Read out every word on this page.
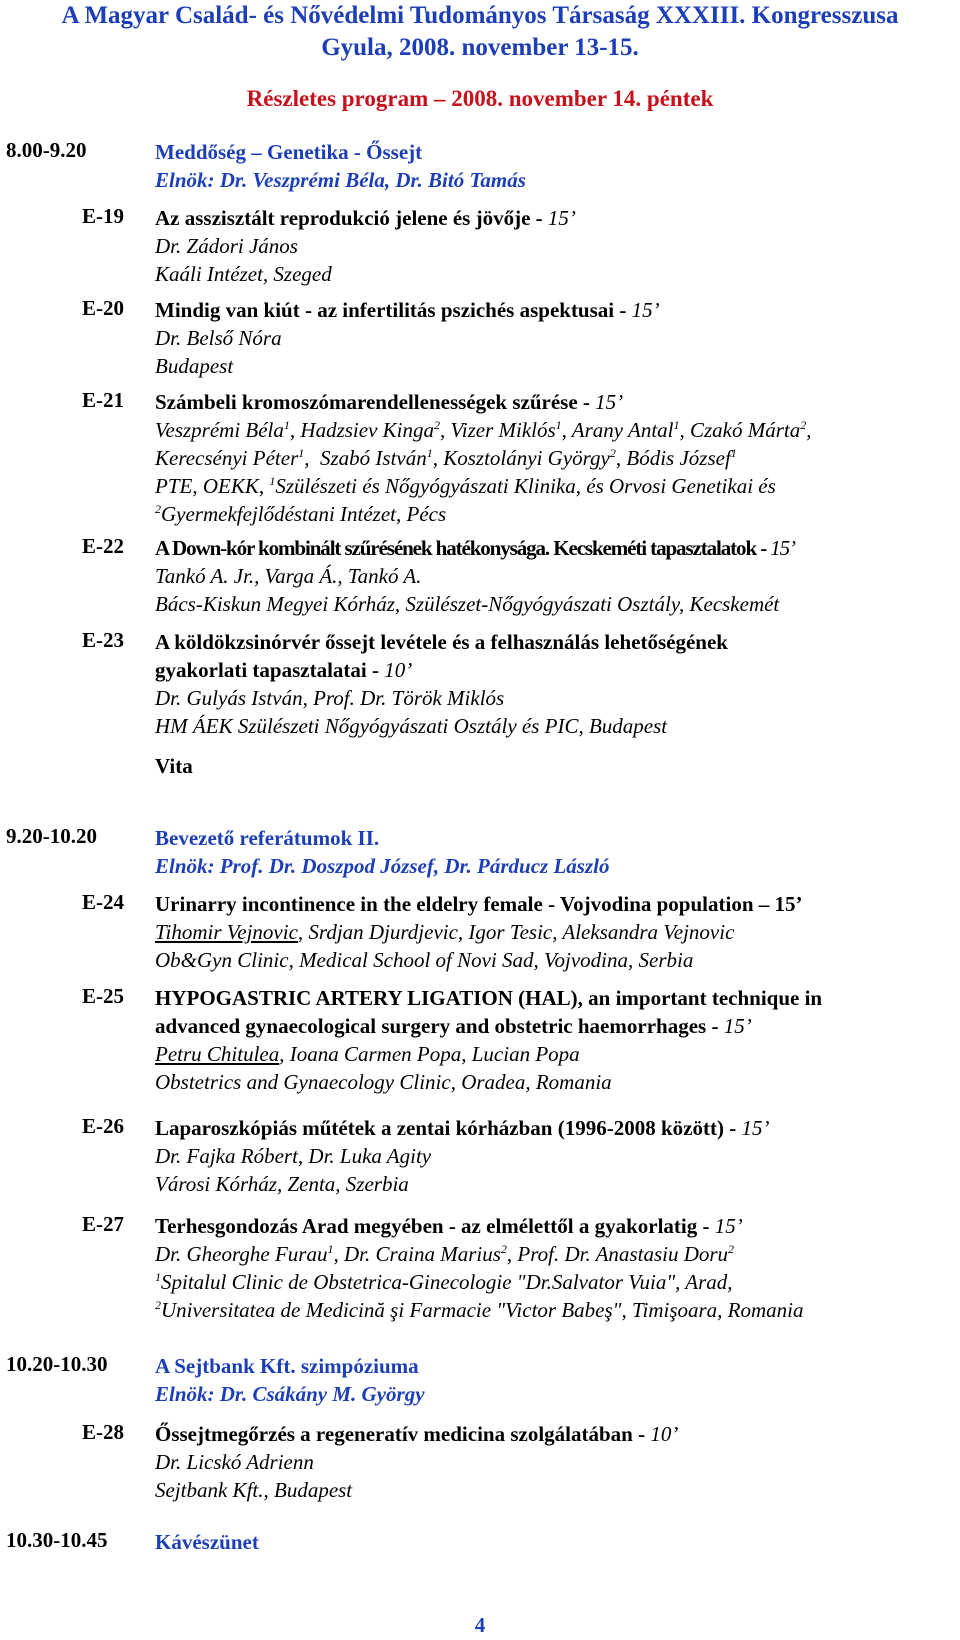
A Magyar Család- és Nővédelmi Tudományos Társaság XXXIII. Kongresszusa
Gyula, 2008. november 13-15.
Részletes program – 2008. november 14. péntek
8.00-9.20	Meddőség – Genetika - Őssejt
Elnök: Dr. Veszprémi Béla, Dr. Bitó Tamás
E-19 Az asszisztált reprodukció jelene és jövője - 15’
Dr. Zádori János
Kaáli Intézet, Szeged
E-20 Mindig van kiút - az infertilitás pszichés aspektusai - 15’
Dr. Belső Nóra
Budapest
E-21 Számbeli kromoszómarendellenességek szűrése - 15’
Veszprémi Béla$^1$, Hadzsiev Kinga$^2$, Vizer Miklós$^1$, Arany Antal$^1$, Czakó Márta$^2$,
Kerecsényi Péter$^1$,  Szabó István$^1$, Kosztolányi György$^2$, Bódis József$^1$
PTE, OEKK, $^1$Szülészeti és Nőgyógyászati Klinika, és Orvosi Genetikai és
$^2$Gyermekfejlődéstani Intézet, Pécs
E-22 A Down-kór kombinált szűrésének hatékonysága. Kecskeméti tapasztalatok - 15’
Tankó A. Jr., Varga Á., Tankó A.
Bács-Kiskun Megyei Kórház, Szülészet-Nőgyógyászati Osztály, Kecskemét
E-23 A köldökzsinórvér őssejt levétele és a felhasználás lehetőségének
gyakorlati tapasztalatai - 10’
Dr. Gulyás István, Prof. Dr. Török Miklós
HM ÁEK Szülészeti Nőgyógyászati Osztály és PIC, Budapest
Vita
9.20-10.20	Bevezető referátumok II.
Elnök: Prof. Dr. Doszpod József, Dr. Párducz László
E-24 Urinarry incontinence in the eldelry female - Vojvodina population – 15’
Tihomir Vejnovic, Srdjan Djurdjevic, Igor Tesic, Aleksandra Vejnovic
Ob&Gyn Clinic, Medical School of Novi Sad, Vojvodina, Serbia
E-25 HYPOGASTRIC ARTERY LIGATION (HAL), an important technique in
advanced gynaecological surgery and obstetric haemorrhages - 15’
Petru Chitulea, Ioana Carmen Popa, Lucian Popa
Obstetrics and Gynaecology Clinic, Oradea, Romania
E-26 Laparoszkópiás műtétek a zentai kórházban (1996-2008 között) - 15’
Dr. Fajka Róbert, Dr. Luka Agity
Városi Kórház, Zenta, Szerbia
E-27 Terhesgondozás Arad megyében - az elmélettől a gyakorlatig - 15’
Dr. Gheorghe Furau$^1$, Dr. Craina Marius$^2$, Prof. Dr. Anastasiu Doru$^2$
$^1$Spitalul Clinic de Obstetrica-Ginecologie "Dr.Salvator Vuia", Arad,
$^2$Universitatea de Medicină şi Farmacie "Victor Babeş", Timişoara, Romania
10.20-10.30 A Sejtbank Kft. szimpóziuma
Elnök: Dr. Csákány M. György
E-28 Őssejtmegőrzés a regeneratív medicina szolgálatában - 10’
Dr. Licskó Adrienn
Sejtbank Kft., Budapest
10.30-10.45 Kávészünet
4
